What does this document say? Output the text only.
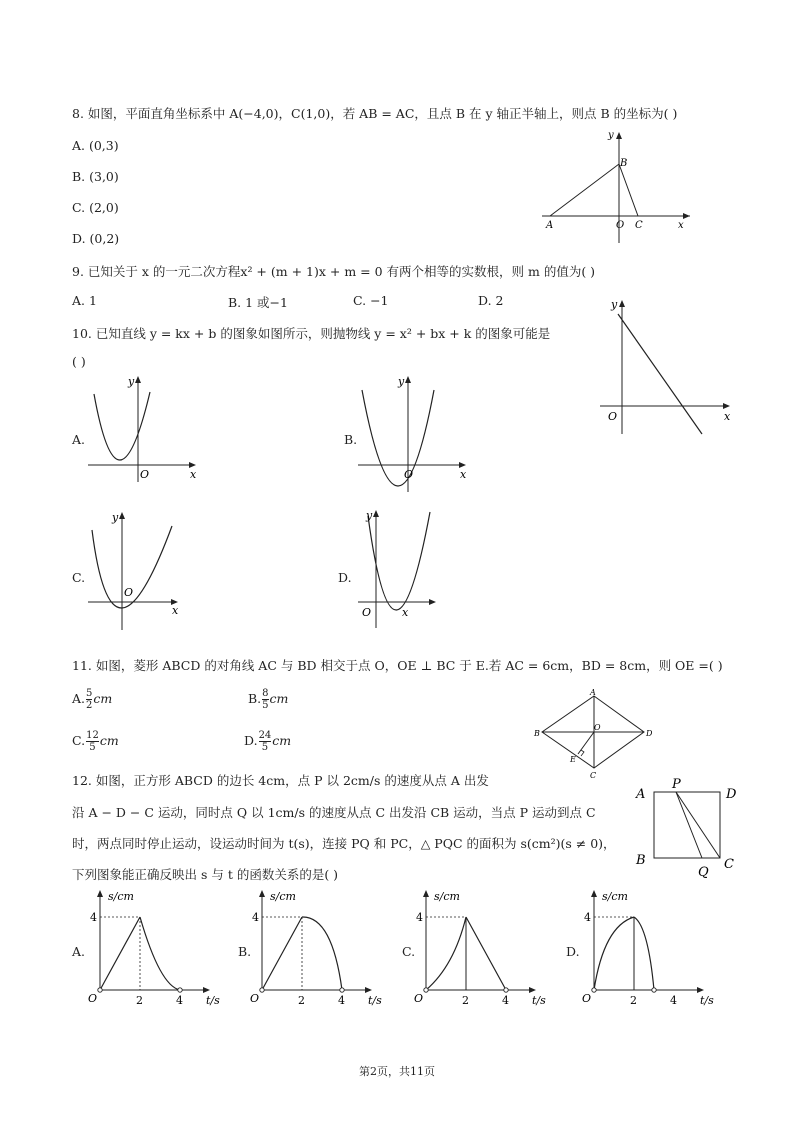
8. 如图，平面直角坐标系中 A(−4,0)，C(1,0)，若 AB = AC，且点 B 在 y 轴正半轴上，则点 B 的坐标为( )
A. (0,3)
B. (3,0)
C. (2,0)
D. (0,2)
y
B
A	O C	x
9. 已知关于 x 的一元二次方程x² + (m + 1)x + m = 0 有两个相等的实数根，则 m 的值为( )
A. 1	B. 1 或−1	C. −1	D. 2
10. 已知直线 y = kx + b 的图象如图所示，则抛物线 y = x² + bx + k 的图象可能是
( )
y
O	x
A.
y
O	x
B.
y
O	x
C.
y
O
x
D.
y
O	x
11. 如图，菱形 ABCD 的对角线 AC 与 BD 相交于点 O，OE ⊥ BC 于 E.若 AC = 6cm，BD = 8cm，则 OE =( )
A. $\frac{5}{2}$ cm	B. $\frac{8}{5}$ cm
C. $\frac{12}{5}$ cm	D. $\frac{24}{5}$ cm
A
B
O
D
E
C
12. 如图，正方形 ABCD 的边长 4cm，点 P 以 2cm/s 的速度从点 A 出发
沿 A − D − C 运动，同时点 Q 以 1cm/s 的速度从点 C 出发沿 CB 运动，当点 P 运动到点 C
时，两点同时停止运动，设运动时间为 t(s)，连接 PQ 和 PC，△ PQC 的面积为 s(cm²)(s ≠ 0)，
下列图象能正确反映出 s 与 t 的函数关系的是( )
A
P
D
B	C
Q
A.
s/cm
4
O	2	4 t/s
B.
s/cm
4
O	2	4 t/s
C.
s/cm
4
O	2	4 t/s
D.
s/cm
4
O	2	4 t/s
第2页，共11页
